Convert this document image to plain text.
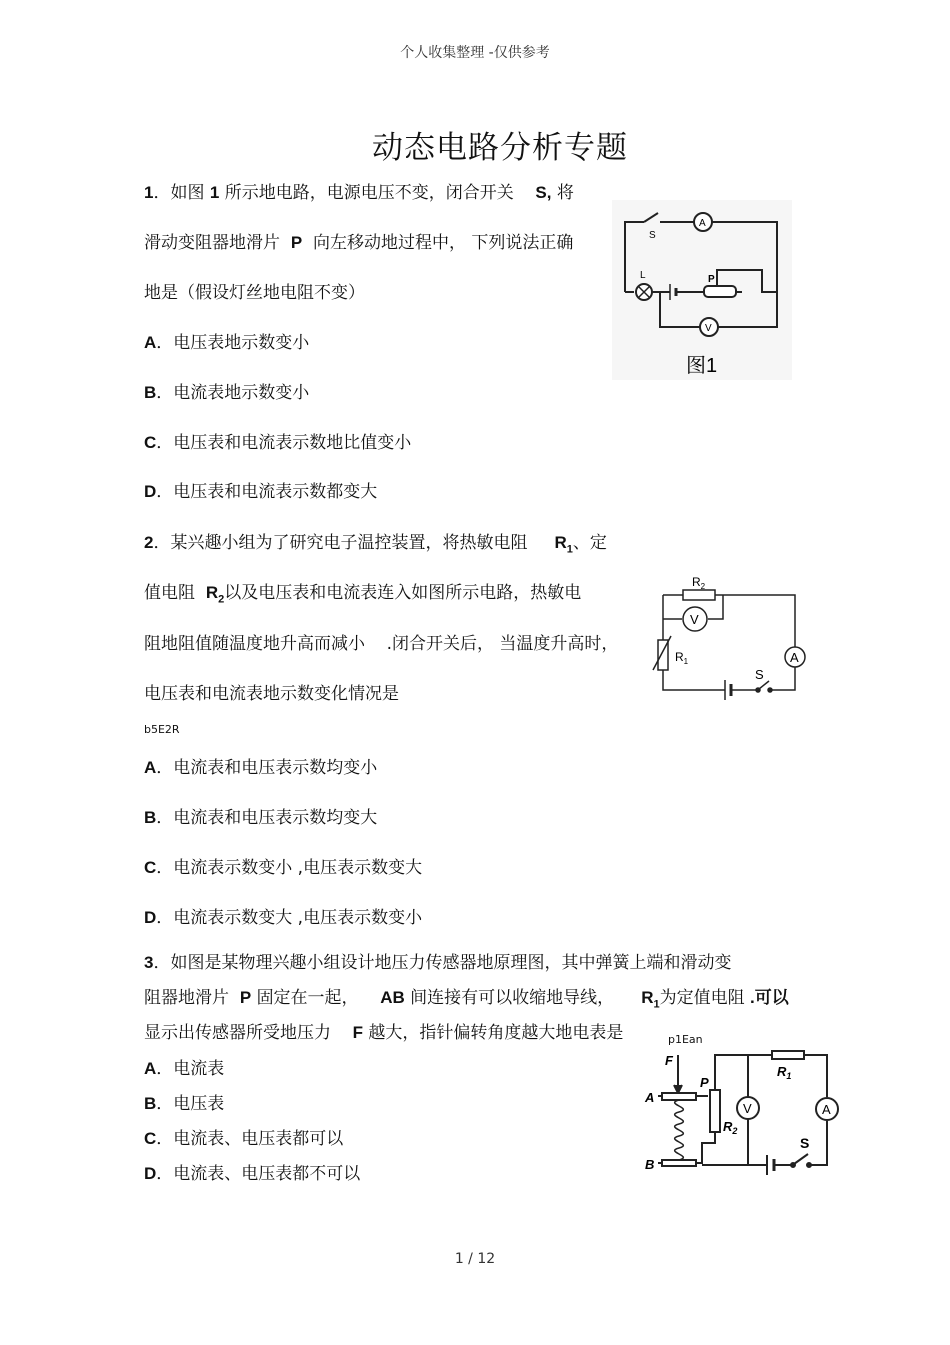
个人收集整理 -仅供参考
动态电路分析专题
1．如图 1 所示地电路，电源电压不变，闭合开关 S, 将
滑动变阻器地滑片 P 向左移动地过程中， 下列说法正确
地是（假设灯丝地电阻不变）
A．电压表地示数变小
B．电流表地示数变小
C．电压表和电流表示数地比值变小
D．电压表和电流表示数都变大
S
A
V
L	P
图1
2．某兴趣小组为了研究电子温控装置，将热敏电阻 $R_1$、定
值电阻 $R_2$以及电压表和电流表连入如图所示电路，热敏电
阻地阻值随温度地升高而减小 .闭合开关后， 当温度升高时，
电压表和电流表地示数变化情况是
b5E2R
A．电流表和电压表示数均变小
B．电流表和电压表示数均变大
C．电流表示数变小 ,电压表示数变大
D．电流表示数变大 ,电压表示数变小
$R_2$
V
$R_1$	A
S
3．如图是某物理兴趣小组设计地压力传感器地原理图，其中弹簧上端和滑动变
阻器地滑片 P 固定在一起， AB 间连接有可以收缩地导线， $R_1$为定值电阻 .可以
显示出传感器所受地压力 F 越大，指针偏转角度越大地电表是	p1Ean
A．电流表
B．电压表
C．电流表、电压表都可以
D．电流表、电压表都不可以
F
A
B
P
$R_1$
$R_2$
V	A
S
1 / 12
